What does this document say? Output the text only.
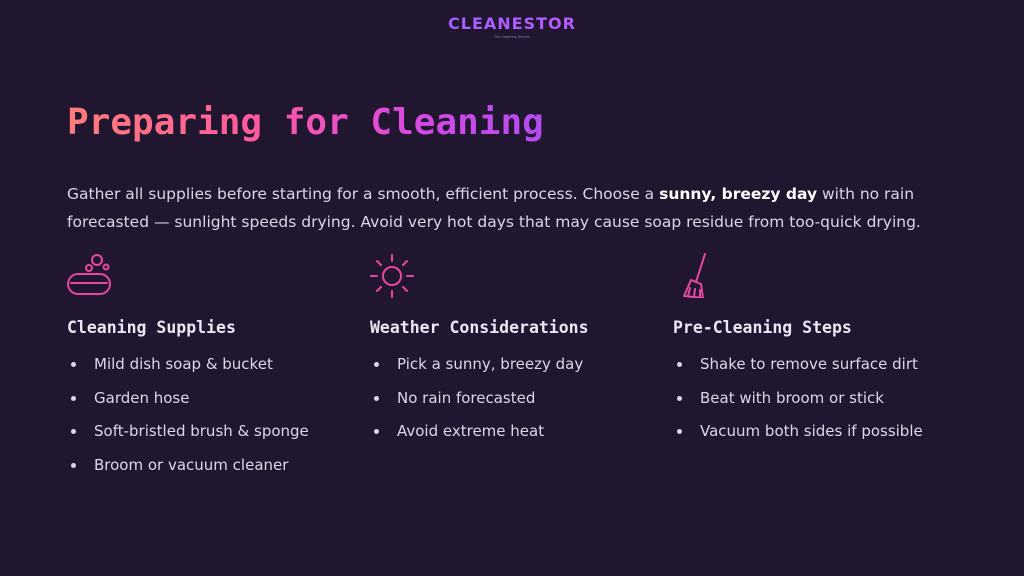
CLEANESTOR
The Cleaning Stories
Preparing for Cleaning

Gather all supplies before starting for a smooth, efficient process. Choose a sunny, breezy day with no rain forecasted — sunlight speeds drying. Avoid very hot days that may cause soap residue from too-quick drying.

Cleaning Supplies
Mild dish soap & bucket
Garden hose
Soft-bristled brush & sponge
Broom or vacuum cleaner
Weather Considerations
Pick a sunny, breezy day
No rain forecasted
Avoid extreme heat
Pre-Cleaning Steps
Shake to remove surface dirt
Beat with broom or stick
Vacuum both sides if possible
